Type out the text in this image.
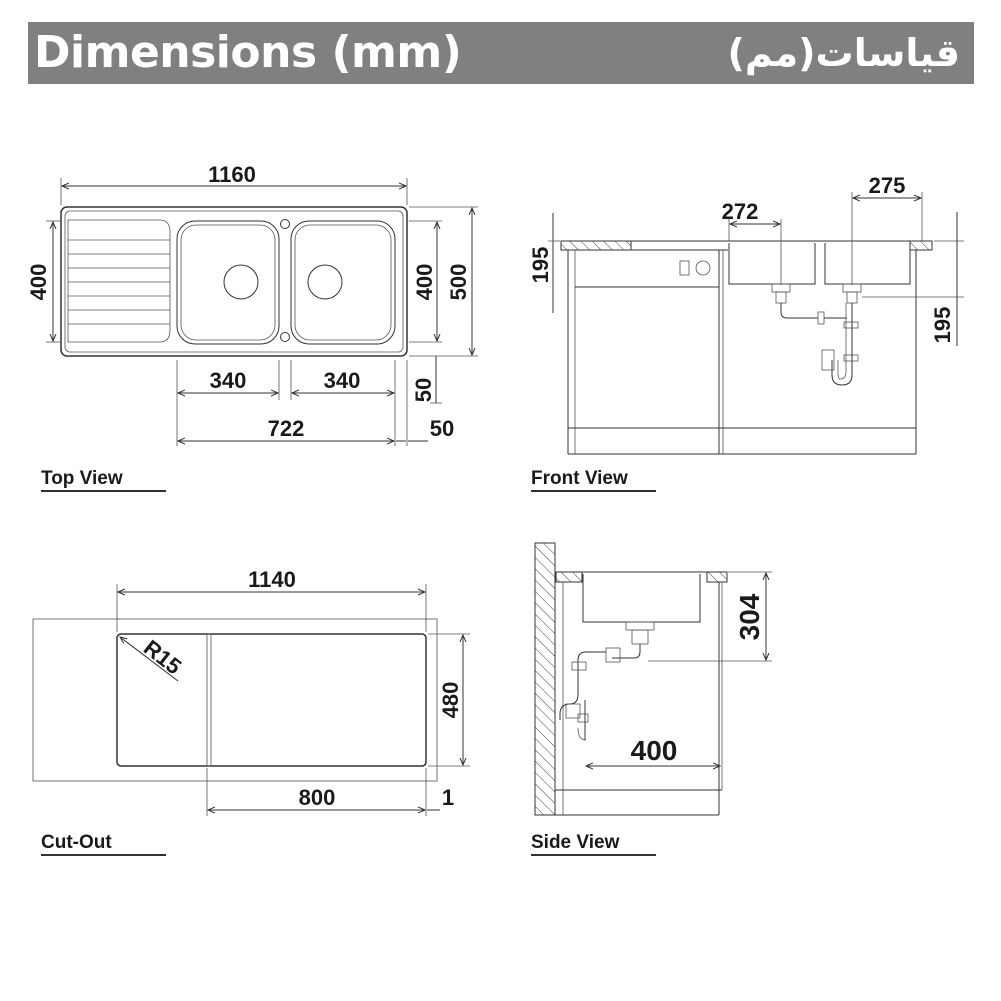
Dimensions (mm)	قياسات(مم)
1160
400	400 500
50
340	340
722	50
Top View
272
275
195
195
Front View
R15
1140
480
800	1
Cut-Out
304
400
Side View
